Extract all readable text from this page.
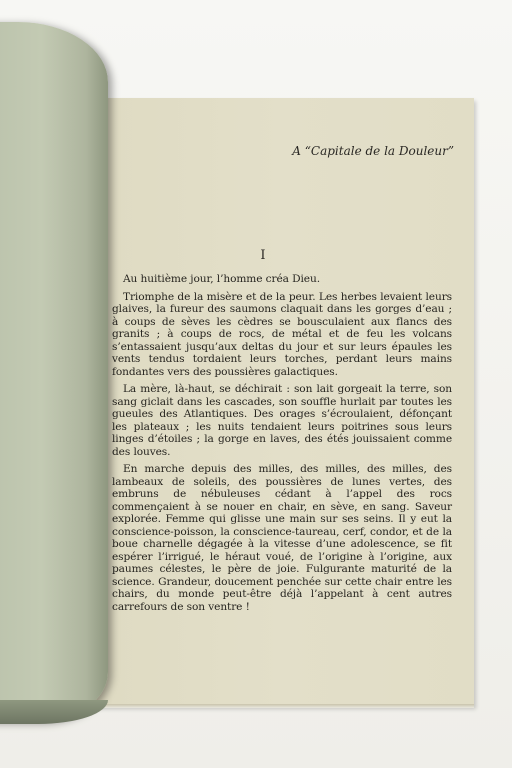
A “Capitale de la Douleur”

I

Au huitième jour, l’homme créa Dieu.

Triomphe de la misère et de la peur. Les herbes levaient leurs glaives, la fureur des saumons claquait dans les gorges d’eau ; à coups de sèves les cèdres se bousculaient aux flancs des granits ; à coups de rocs, de métal et de feu les volcans s’entassaient jusqu’aux deltas du jour et sur leurs épaules les vents tendus tordaient leurs torches, perdant leurs mains fondantes vers des poussières galactiques.

La mère, là-haut, se déchirait : son lait gorgeait la terre, son sang giclait dans les cascades, son souffle hurlait par toutes les gueules des Atlantiques. Des orages s’écroulaient, défonçant les plateaux ; les nuits tendaient leurs poitrines sous leurs linges d’étoiles ; la gorge en laves, des étés jouissaient comme des louves.

En marche depuis des milles, des milles, des milles, des lambeaux de soleils, des poussières de lunes vertes, des embruns de nébuleuses cédant à l’appel des rocs commençaient à se nouer en chair, en sève, en sang. Saveur explorée. Femme qui glisse une main sur ses seins. Il y eut la conscience-poisson, la conscience-taureau, cerf, condor, et de la boue charnelle dégagée à la vitesse d’une adolescence, se fit espérer l’irrigué, le héraut voué, de l’origine à l’origine, aux paumes célestes, le père de joie. Fulgurante maturité de la science. Grandeur, doucement penchée sur cette chair entre les chairs, du monde peut-être déjà l’appelant à cent autres carrefours de son ventre !
